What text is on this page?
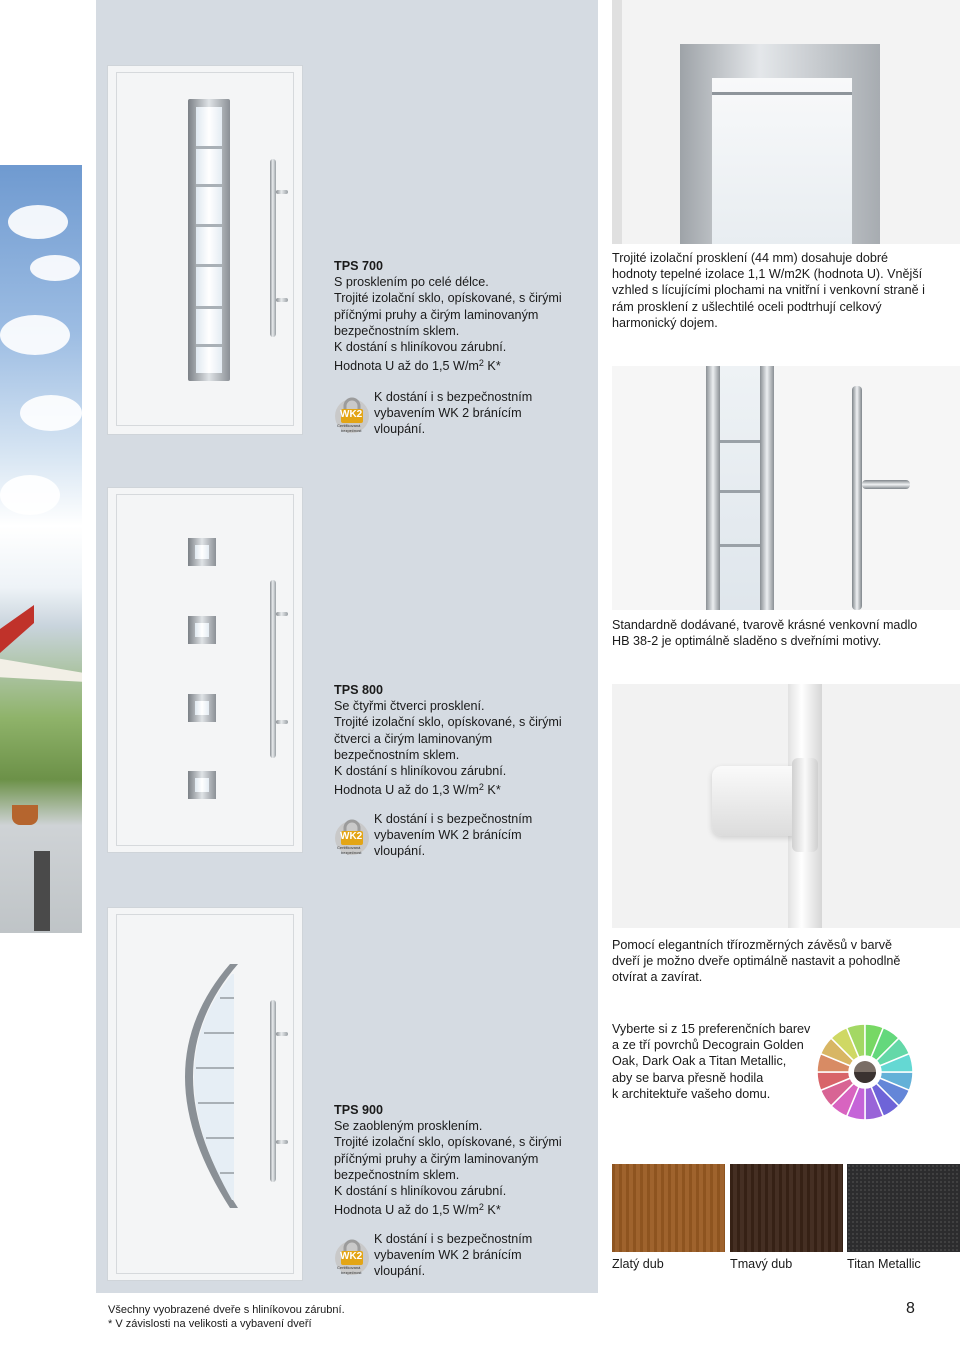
TPS 700
S prosklením po celé délce.
Trojité izolační sklo, opískované, s čirými
příčnými pruhy a čirým laminovaným
bezpečnostním sklem.
K dostání s hliníkovou zárubní.
Hodnota U až do 1,5 $W/m^2$ K*
WK2
Certifikovaná
bezpečnost
K dostání i s bezpečnostním
vybavením WK 2 bránícím
vloupání.
TPS 800
Se čtyřmi čtverci prosklení.
Trojité izolační sklo, opískované, s čirými
čtverci a čirým laminovaným
bezpečnostním sklem.
K dostání s hliníkovou zárubní.
Hodnota U až do 1,3 $W/m^2$ K*
WK2
Certifikovaná
bezpečnost
K dostání i s bezpečnostním
vybavením WK 2 bránícím
vloupání.
TPS 900
Se zaobleným prosklením.
Trojité izolační sklo, opískované, s čirými
příčnými pruhy a čirým laminovaným
bezpečnostním sklem.
K dostání s hliníkovou zárubní.
Hodnota U až do 1,5 $W/m^2$ K*
WK2
Certifikovaná
bezpečnost
K dostání i s bezpečnostním
vybavením WK 2 bránícím
vloupání.
Trojité izolační prosklení (44 mm) dosahuje dobré
hodnoty tepelné izolace 1,1 W/m2K (hodnota U). Vnější
vzhled s lícujícími plochami na vnitřní i venkovní straně i
rám prosklení z ušlechtilé oceli podtrhují celkový
harmonický dojem.
Standardně dodávané, tvarově krásné venkovní madlo
HB 38-2 je optimálně sladěno s dveřními motivy.
Pomocí elegantních třírozměrných závěsů v barvě
dveří je možno dveře optimálně nastavit a pohodlně
otvírat a zavírat.
Vyberte si z 15 preferenčních barev
a ze tří povrchů Decograin Golden
Oak, Dark Oak a Titan Metallic,
aby se barva přesně hodila
k architektuře vašeho domu.
Zlatý dub	Tmavý dub	Titan Metallic
Všechny vyobrazené dveře s hliníkovou zárubní.
* V závislosti na velikosti a vybavení dveří
8
